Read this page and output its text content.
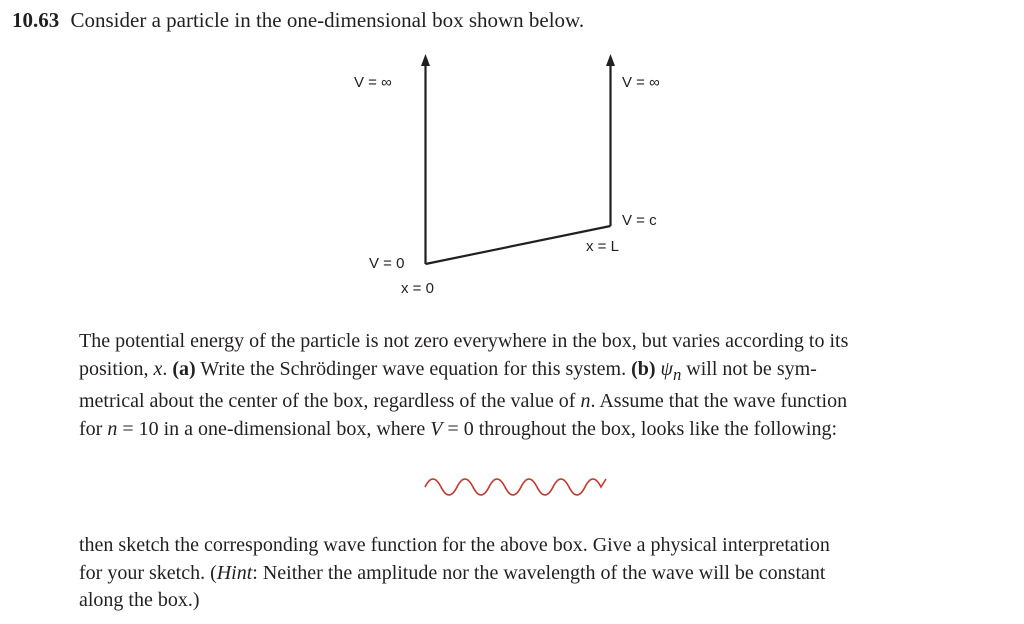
10.63 Consider a particle in the one-dimensional box shown below.
V = ∞	V = ∞
V = c
x = L
V = 0
x = 0
The potential energy of the particle is not zero everywhere in the box, but varies according to its
position, x. (a) Write the Schrödinger wave equation for this system. (b) $\psi_n$ will not be sym-
metrical about the center of the box, regardless of the value of n. Assume that the wave function
for n = 10 in a one-dimensional box, where V = 0 throughout the box, looks like the following:
then sketch the corresponding wave function for the above box. Give a physical interpretation
for your sketch. (Hint: Neither the amplitude nor the wavelength of the wave will be constant
along the box.)
